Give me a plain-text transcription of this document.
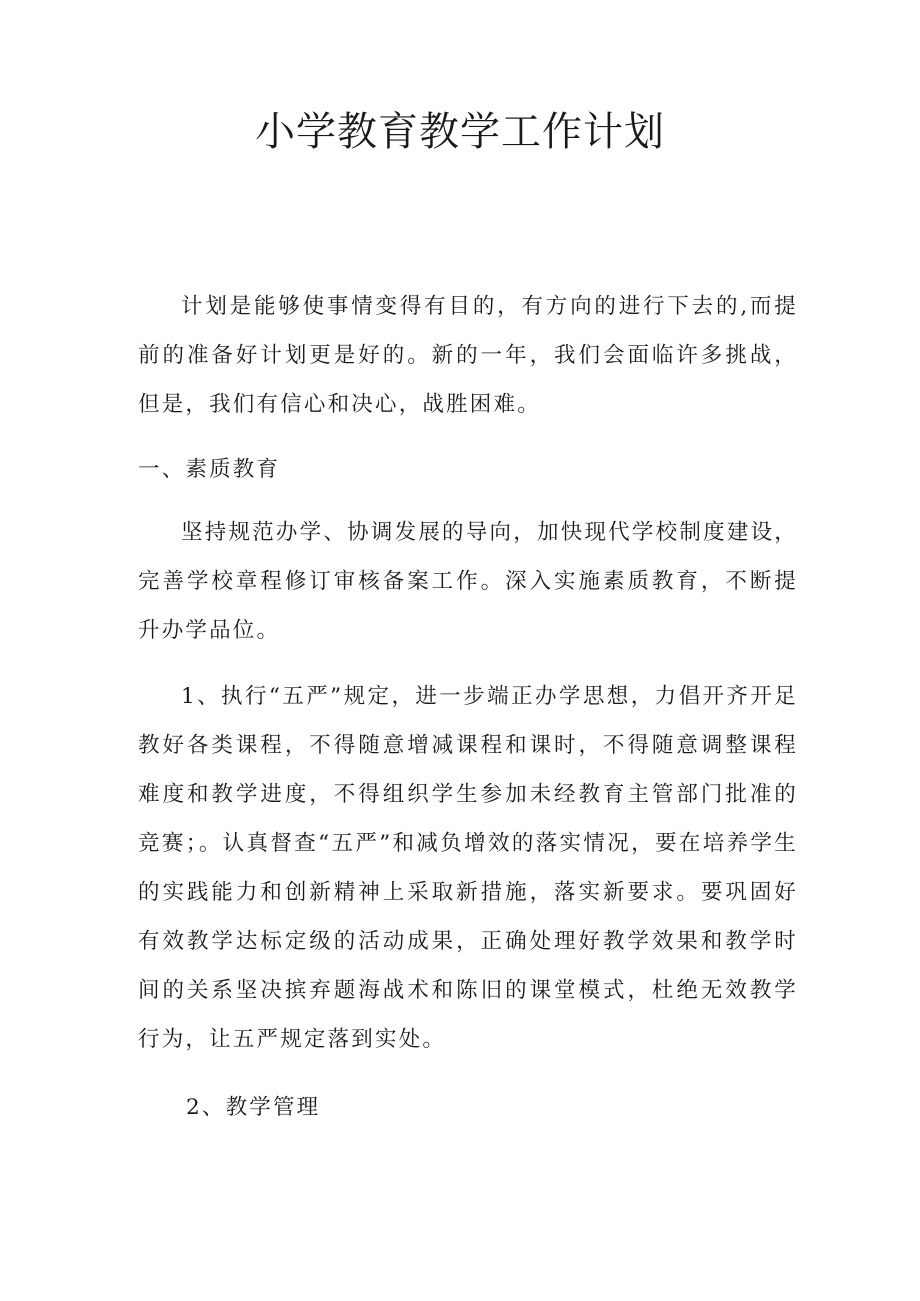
小学教育教学工作计划

计划是能够使事情变得有目的，有方向的进行下去的,而提前的准备好计划更是好的。新的一年，我们会面临许多挑战，但是，我们有信心和决心，战胜困难。

一、素质教育

坚持规范办学、协调发展的导向，加快现代学校制度建设，完善学校章程修订审核备案工作。深入实施素质教育，不断提升办学品位。

1、执行“五严”规定，进一步端正办学思想，力倡开齐开足教好各类课程，不得随意增减课程和课时，不得随意调整课程难度和教学进度，不得组织学生参加未经教育主管部门批准的竞赛；。认真督查“五严”和减负增效的落实情况，要在培养学生的实践能力和创新精神上采取新措施，落实新要求。要巩固好有效教学达标定级的活动成果，正确处理好教学效果和教学时间的关系坚决摈弃题海战术和陈旧的课堂模式，杜绝无效教学行为，让五严规定落到实处。

2、教学管理
